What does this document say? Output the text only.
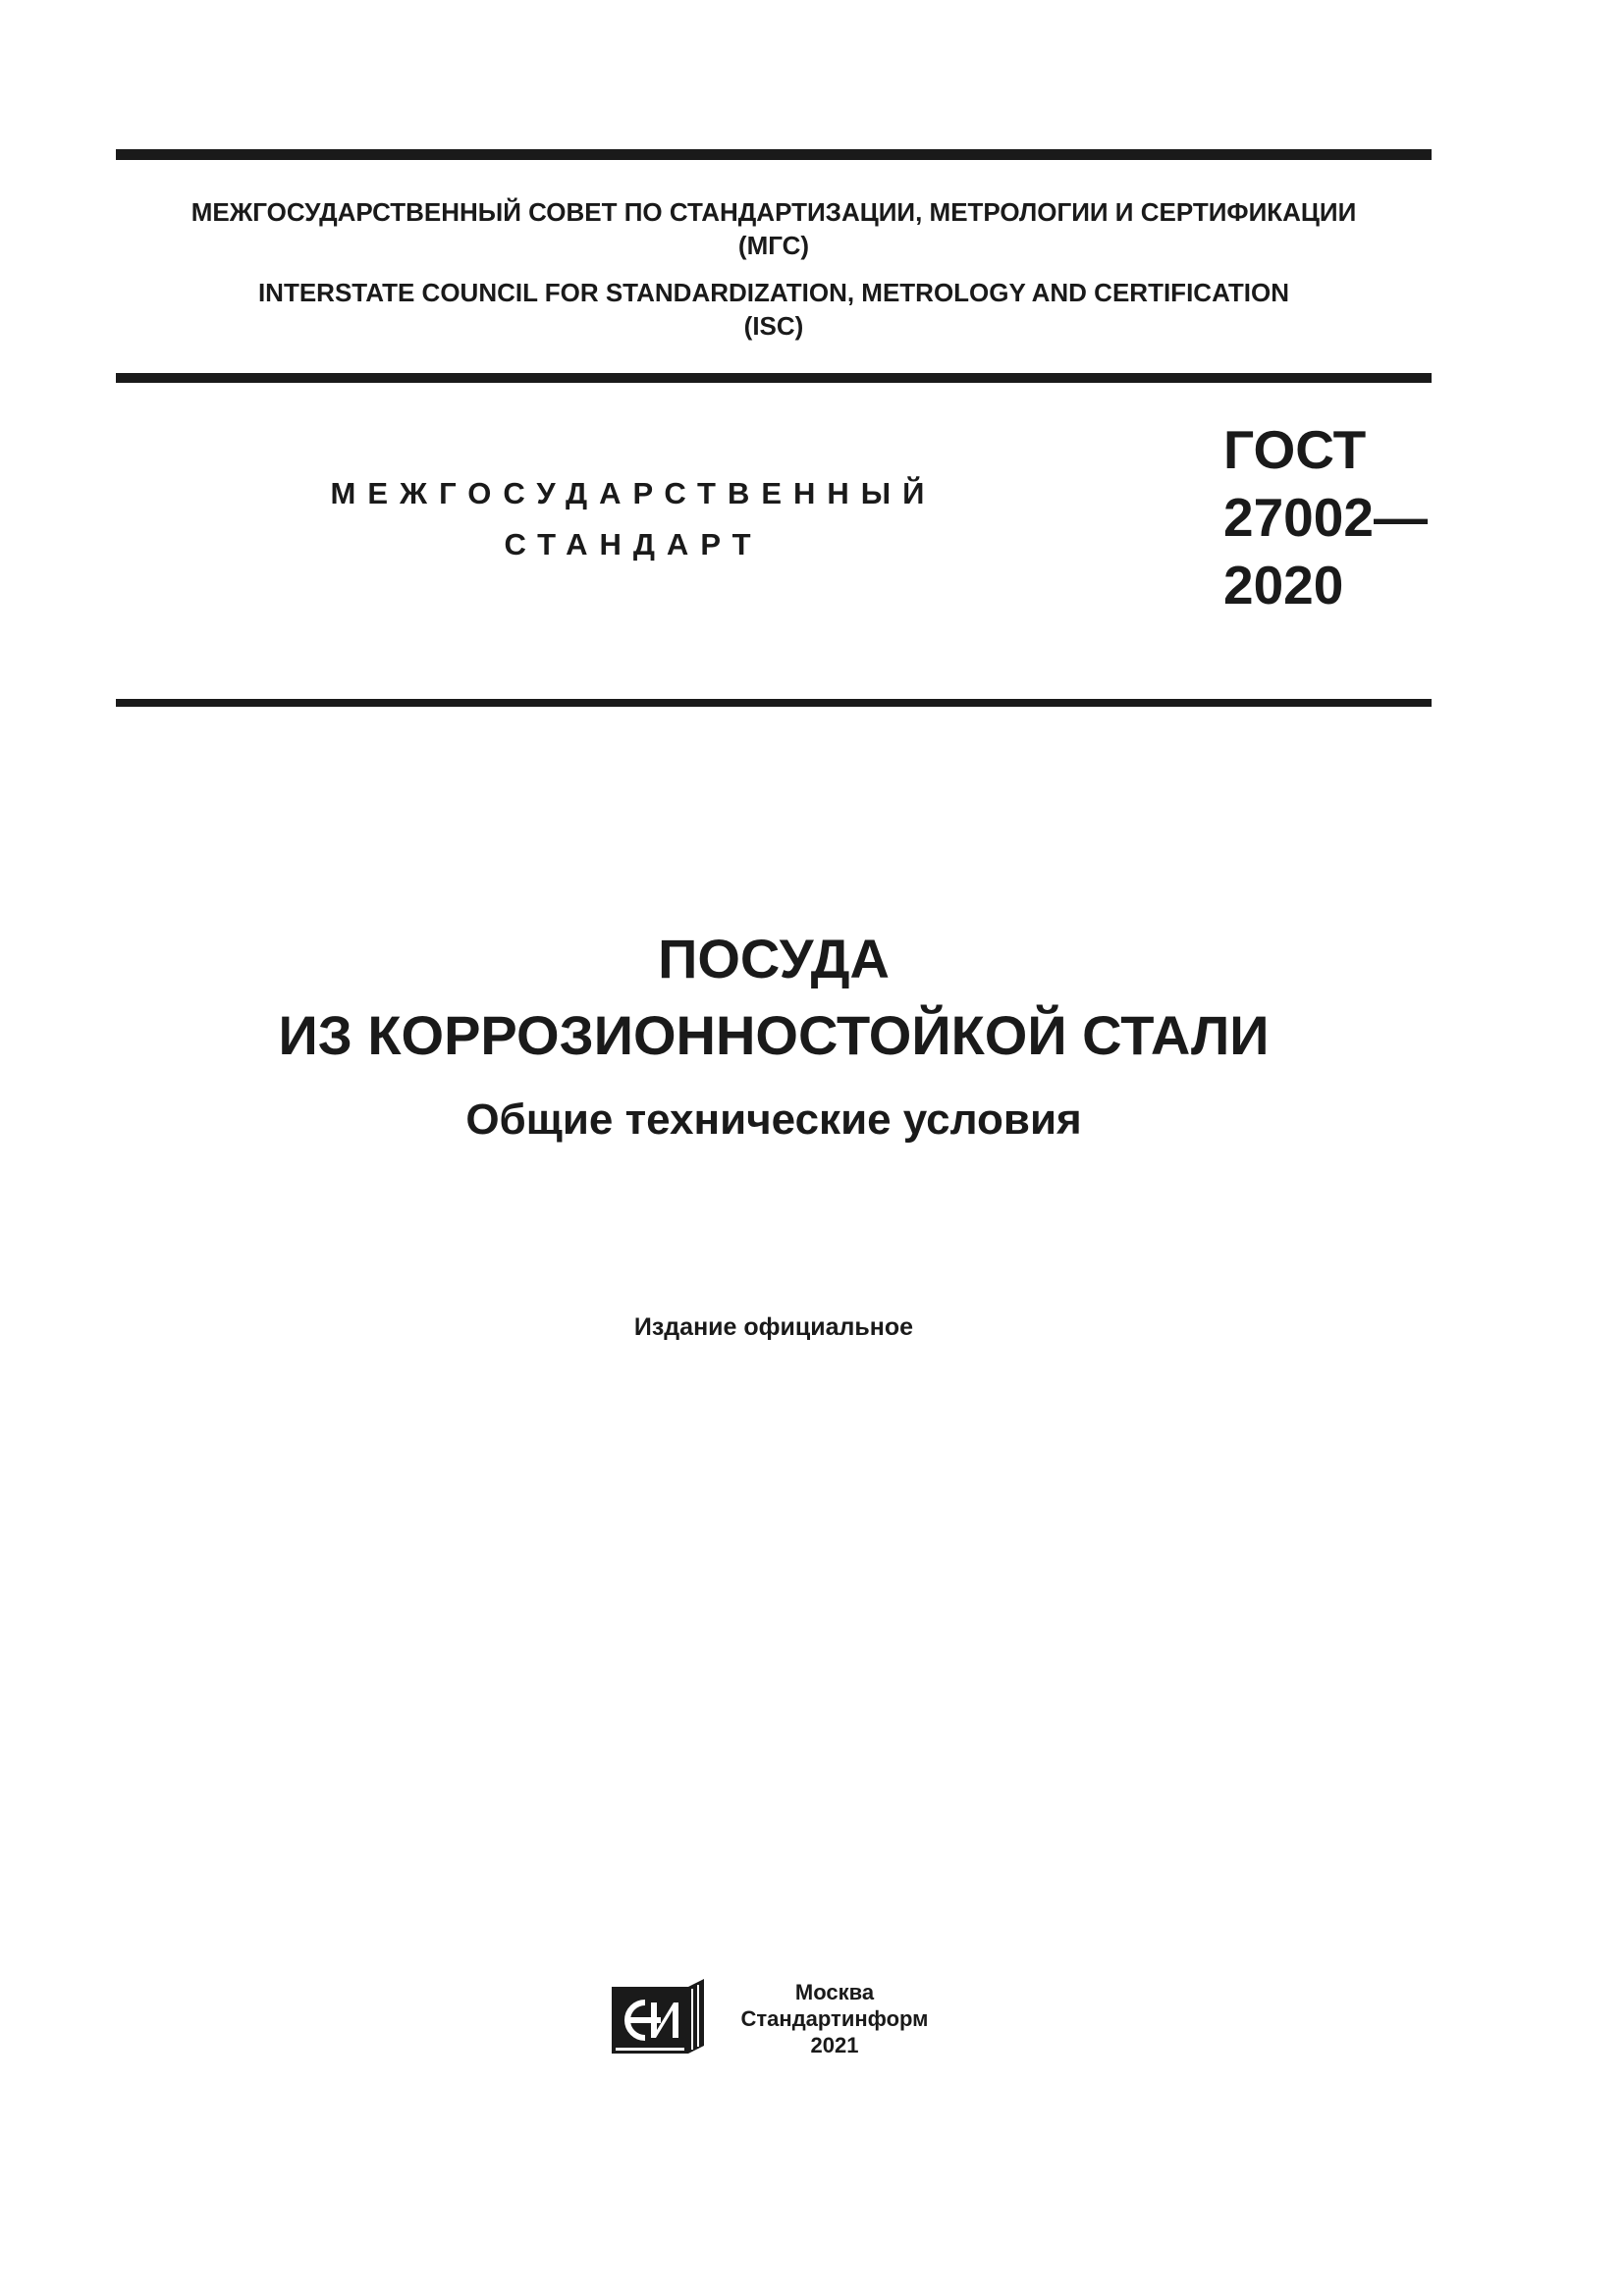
МЕЖГОСУДАРСТВЕННЫЙ СОВЕТ ПО СТАНДАРТИЗАЦИИ, МЕТРОЛОГИИ И СЕРТИФИКАЦИИ
(МГС)
INTERSTATE COUNCIL FOR STANDARDIZATION, METROLOGY AND CERTIFICATION
(ISC)
МЕЖГОСУДАРСТВЕННЫЙ
СТАНДАРТ
ГОСТ
27002—
2020
ПОСУДА
ИЗ КОРРОЗИОННОСТОЙКОЙ СТАЛИ
Общие технические условия
Издание официальное
Москва
Стандартинформ
2021
